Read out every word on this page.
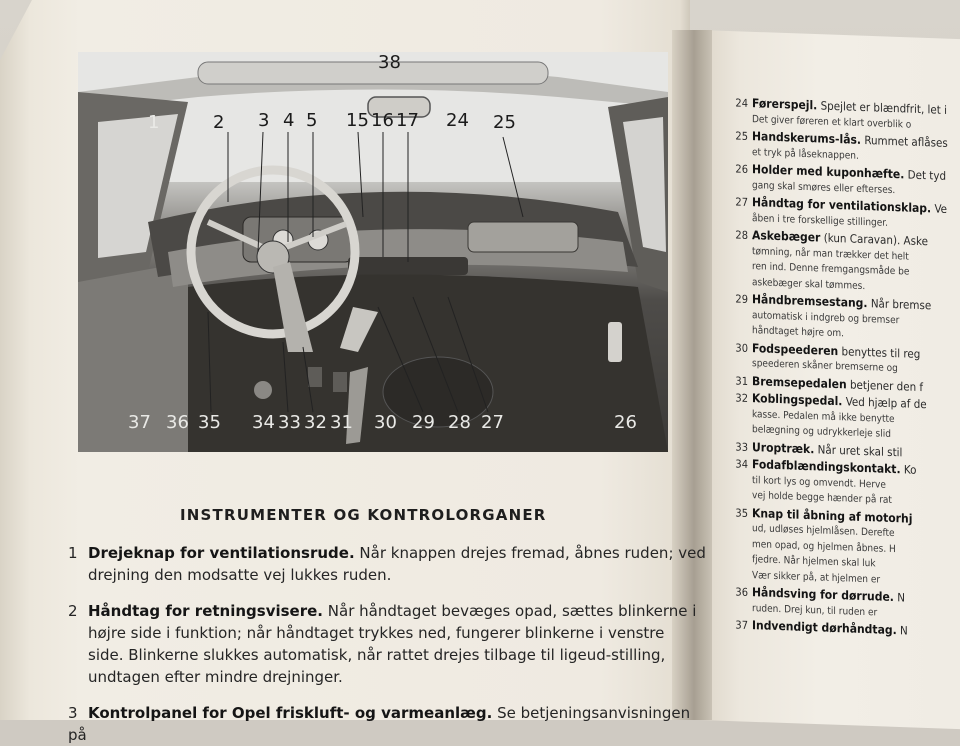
38
1	2 3 4 5 15 16 17 24 25
37 36 35 34 33 32 31 30 29 28 27	26
INSTRUMENTER OG KONTROLORGANER
1 Drejeknap for ventilationsrude. Når knappen drejes fremad, åbnes ruden; ved
drejning den modsatte vej lukkes ruden.
2 Håndtag for retningsvisere. Når håndtaget bevæges opad, sættes blinkerne i
højre side i funktion; når håndtaget trykkes ned, fungerer blinkerne i venstre
side. Blinkerne slukkes automatisk, når rattet drejes tilbage til ligeud-stilling,
undtagen efter mindre drejninger.
3 Kontrolpanel for Opel friskluft- og varmeanlæg. Se betjeningsanvisningen på
24 Førerspejl. Spejlet er blændfrit, let i
Det giver føreren et klart overblik o
25 Handskerums-lås. Rummet aflåses
et tryk på låseknappen.
26 Holder med kuponhæfte. Det tyd
gang skal smøres eller efterses.
27 Håndtag for ventilationsklap. Ve
åben i tre forskellige stillinger.
28 Askebæger (kun Caravan). Aske
tømning, når man trækker det helt
ren ind. Denne fremgangsmåde be
askebæger skal tømmes.
29 Håndbremsestang. Når bremse
automatisk i indgreb og bremser
håndtaget højre om.
30 Fodspeederen benyttes til reg
speederen skåner bremserne og
31 Bremsepedalen betjener den f
32 Koblingspedal. Ved hjælp af de
kasse. Pedalen må ikke benytte
belægning og udrykkerleje slid
33 Uroptræk. Når uret skal stil
34 Fodafblændingskontakt. Ko
til kort lys og omvendt. Herve
vej holde begge hænder på rat
35 Knap til åbning af motorhj
ud, udløses hjelmlåsen. Derefte
men opad, og hjelmen åbnes. H
fjedre. Når hjelmen skal luk
Vær sikker på, at hjelmen er
36 Håndsving for dørrude. N
ruden. Drej kun, til ruden er
37 Indvendigt dørhåndtag. N
